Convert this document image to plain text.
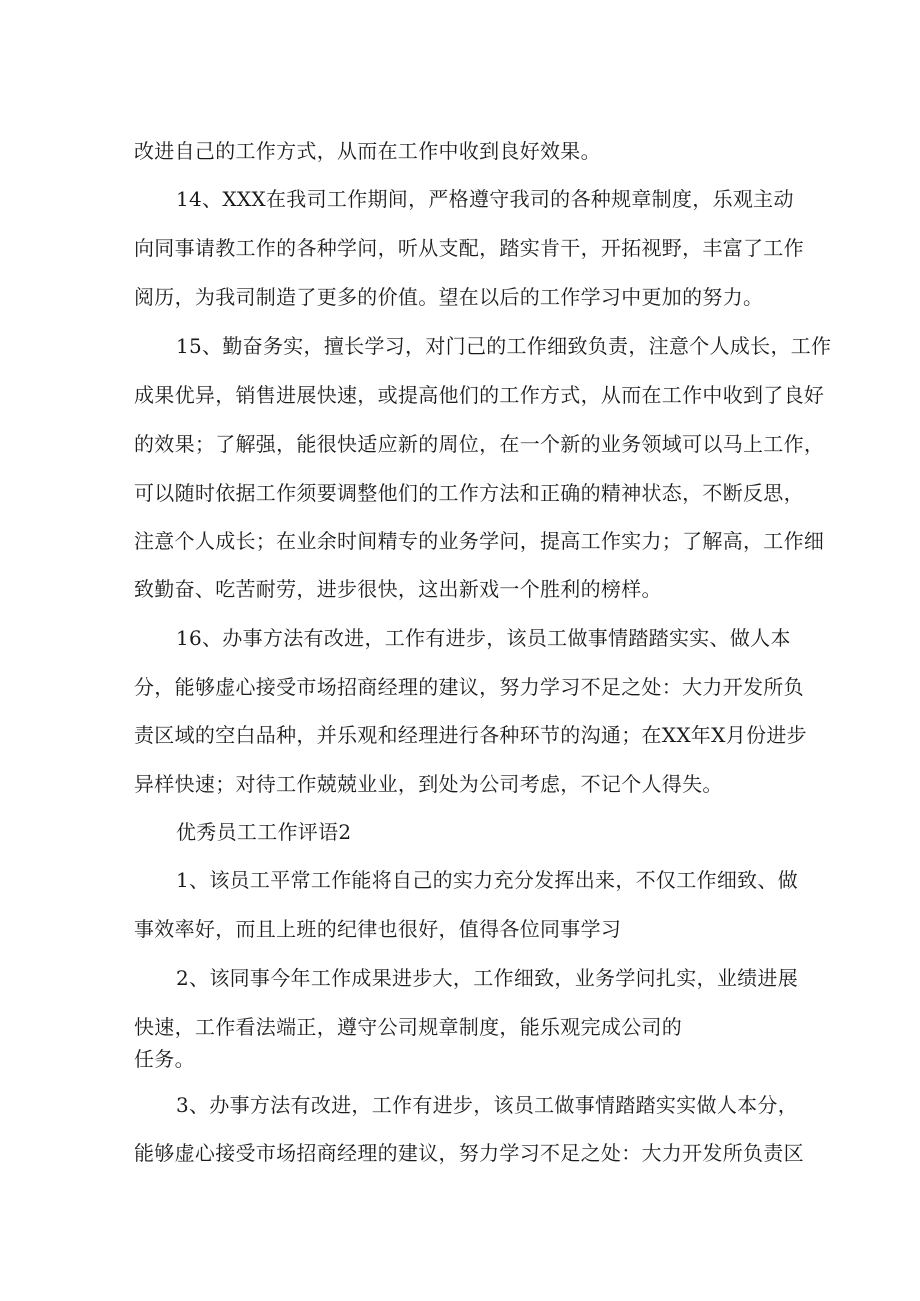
改进自己的工作方式，从而在工作中收到良好效果。
14、XXX在我司工作期间，严格遵守我司的各种规章制度，乐观主动
向同事请教工作的各种学问，听从支配，踏实肯干，开拓视野，丰富了工作
阅历，为我司制造了更多的价值。望在以后的工作学习中更加的努力。
15、勤奋务实，擅长学习，对门己的工作细致负责，注意个人成长，工作
成果优异，销售进展快速，或提高他们的工作方式，从而在工作中收到了良好
的效果；了解强，能很快适应新的周位，在一个新的业务领域可以马上工作，
可以随时依据工作须要调整他们的工作方法和正确的精神状态，不断反思，
注意个人成长；在业余时间精专的业务学问，提高工作实力；了解高，工作细
致勤奋、吃苦耐劳，进步很快，这出新戏一个胜利的榜样。
16、办事方法有改进，工作有进步，该员工做事情踏踏实实、做人本
分，能够虚心接受市场招商经理的建议，努力学习不足之处：大力开发所负
责区域的空白品种，并乐观和经理进行各种环节的沟通；在XX年X月份进步
异样快速；对待工作兢兢业业，到处为公司考虑，不记个人得失。
优秀员工工作评语2
1、该员工平常工作能将自己的实力充分发挥出来，不仅工作细致、做
事效率好，而且上班的纪律也很好，值得各位同事学习
2、该同事今年工作成果进步大，工作细致，业务学问扎实，业绩进展
快速，工作看法端正，遵守公司规章制度，能乐观完成公司的
任务。
3、办事方法有改进，工作有进步，该员工做事情踏踏实实做人本分，
能够虚心接受市场招商经理的建议，努力学习不足之处：大力开发所负责区
